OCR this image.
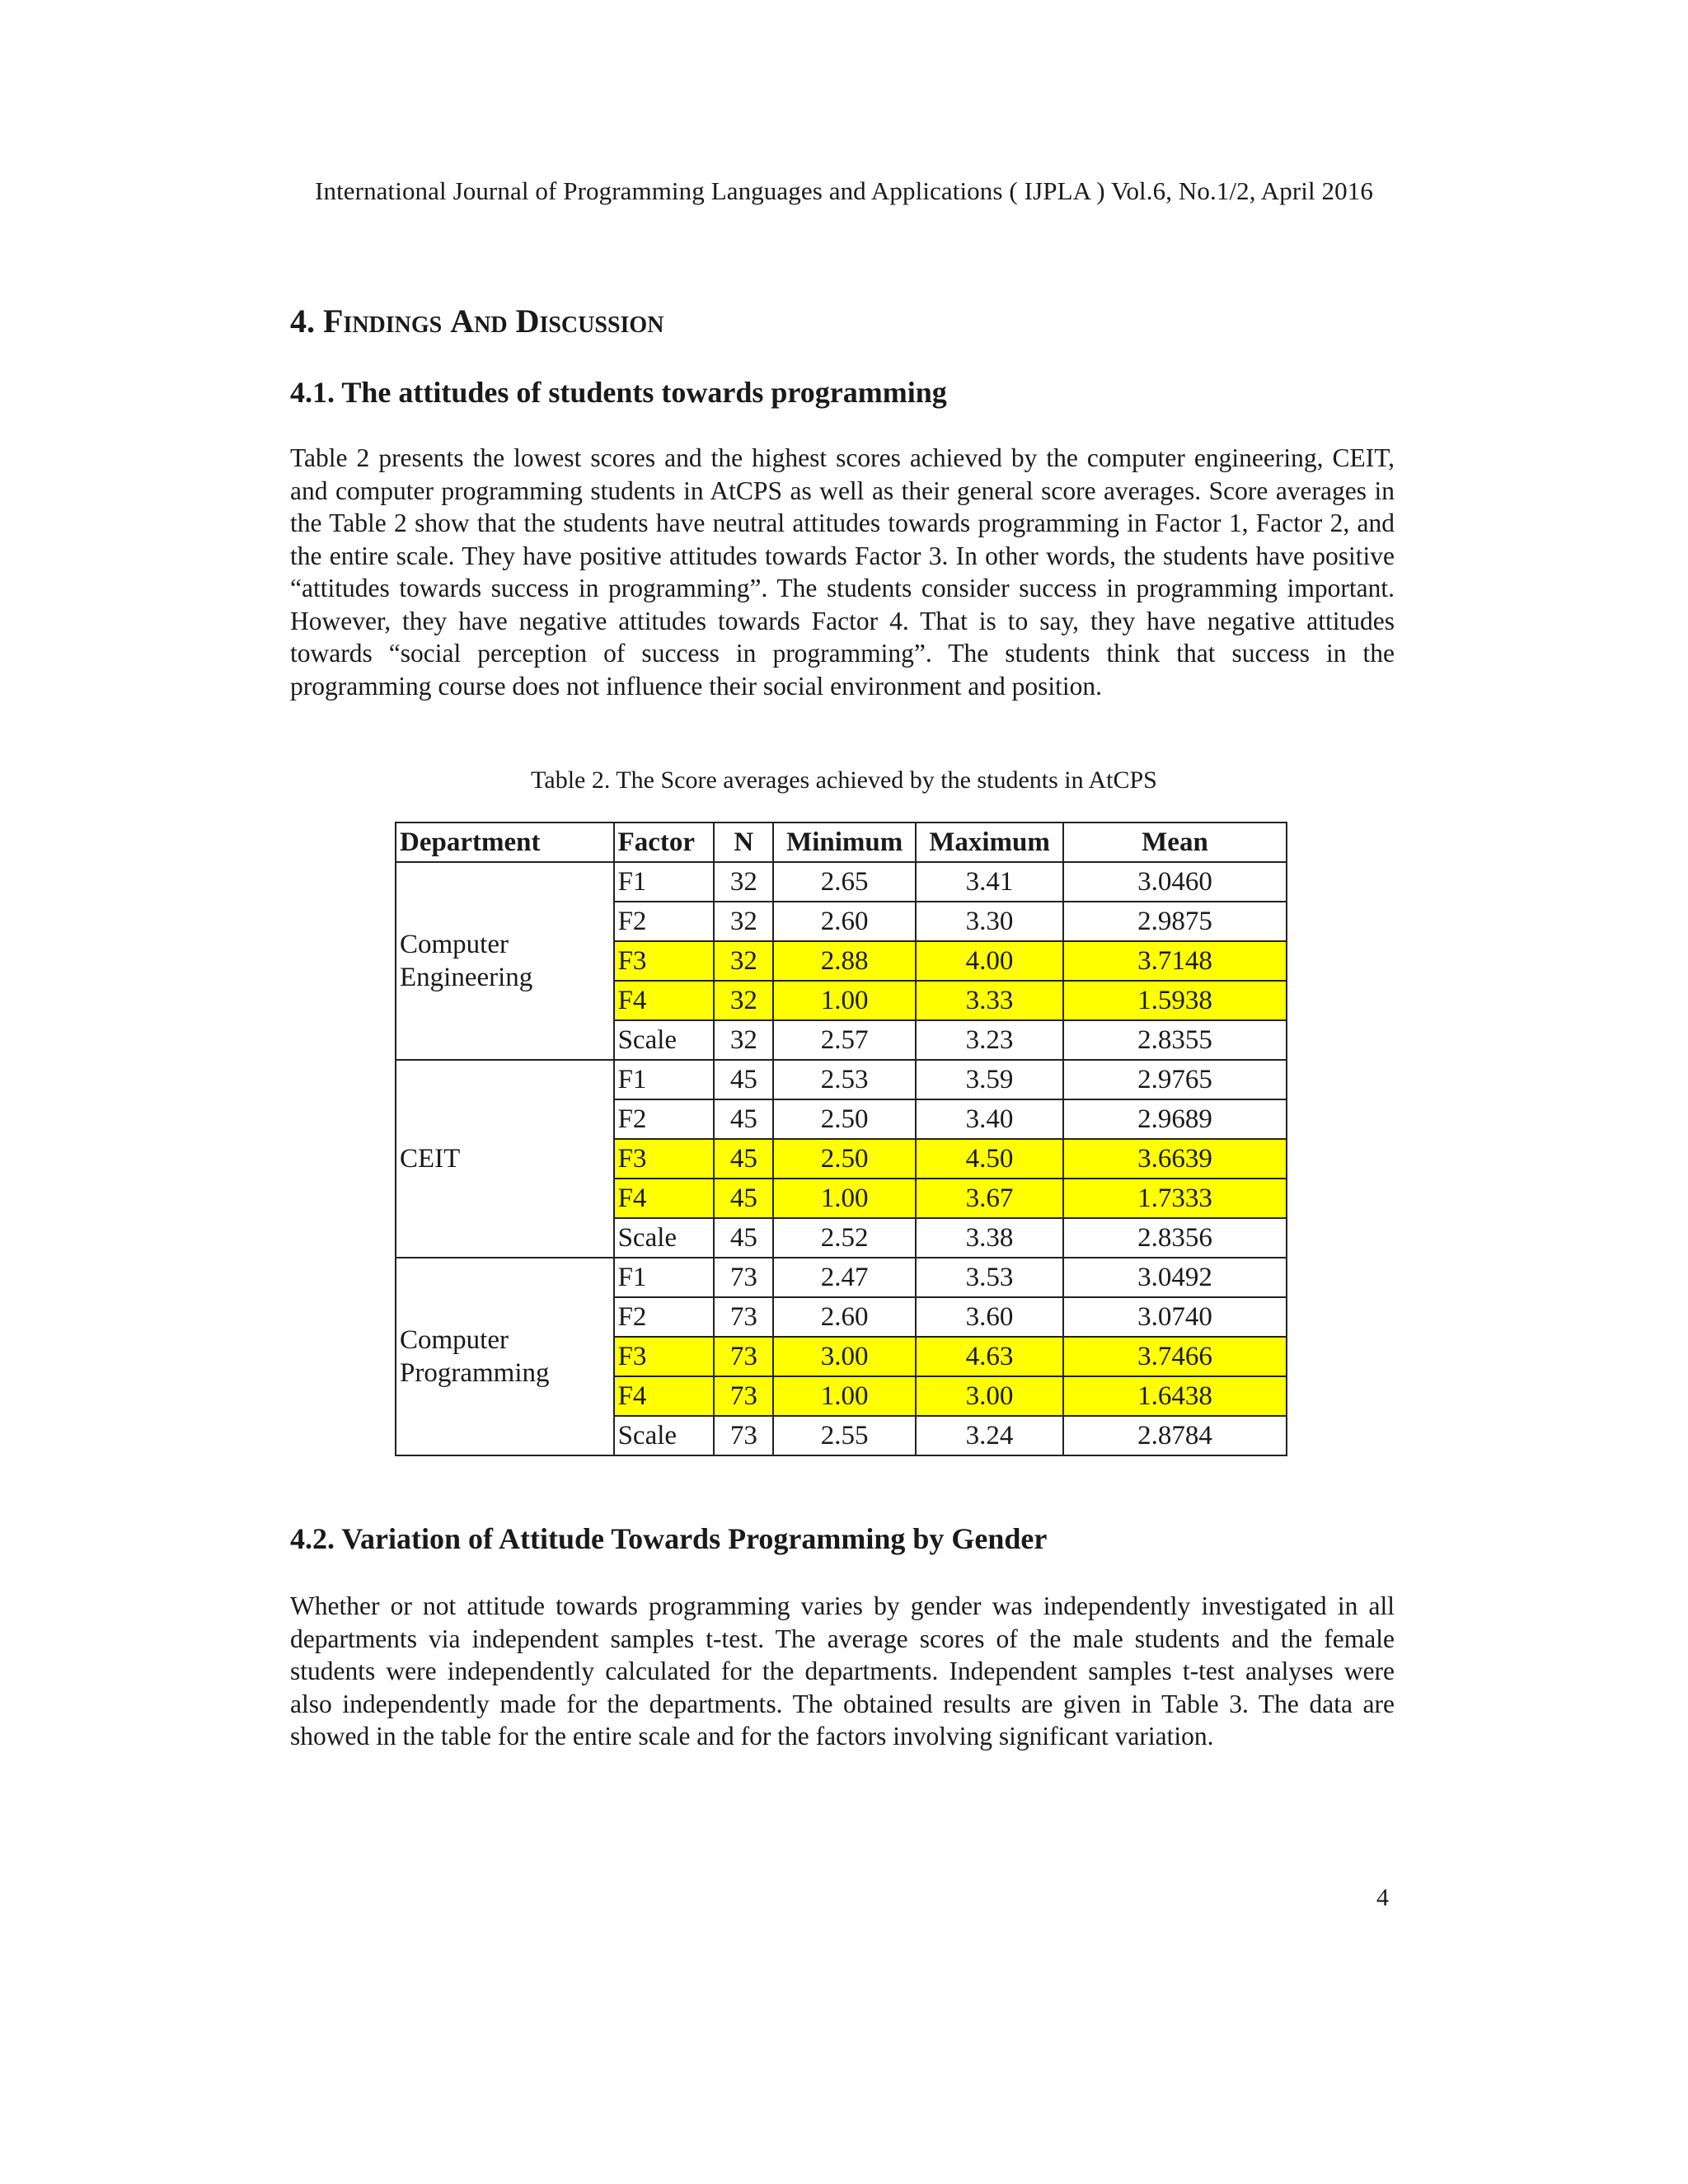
International Journal of Programming Languages and Applications ( IJPLA ) Vol.6, No.1/2, April 2016
4. Findings And Discussion
4.1. The attitudes of students towards programming

Table 2 presents the lowest scores and the highest scores achieved by the computer engineering, CEIT, and computer programming students in AtCPS as well as their general score averages. Score averages in the Table 2 show that the students have neutral attitudes towards programming in Factor 1, Factor 2, and the entire scale. They have positive attitudes towards Factor 3. In other words, the students have positive “attitudes towards success in programming”. The students consider success in programming important. However, they have negative attitudes towards Factor 4. That is to say, they have negative attitudes towards “social perception of success in programming”. The students think that success in the programming course does not influence their social environment and position.

Table 2. The Score averages achieved by the students in AtCPS
Department	Factor	N	Minimum	Maximum	Mean

Computer
Engineering	F1	32	2.65	3.41	3.0460
	F2	32	2.60	3.30	2.9875
	F3	32	2.88	4.00	3.7148
	F4	32	1.00	3.33	1.5938
	Scale	32	2.57	3.23	2.8355

CEIT	F1	45	2.53	3.59	2.9765
	F2	45	2.50	3.40	2.9689
	F3	45	2.50	4.50	3.6639
	F4	45	1.00	3.67	1.7333
	Scale	45	2.52	3.38	2.8356

Computer
Programming	F1	73	2.47	3.53	3.0492
	F2	73	2.60	3.60	3.0740
	F3	73	3.00	4.63	3.7466
	F4	73	1.00	3.00	1.6438
	Scale	73	2.55	3.24	2.8784
4.2. Variation of Attitude Towards Programming by Gender

Whether or not attitude towards programming varies by gender was independently investigated in all departments via independent samples t-test. The average scores of the male students and the female students were independently calculated for the departments. Independent samples t-test analyses were also independently made for the departments. The obtained results are given in Table 3. The data are showed in the table for the entire scale and for the factors involving significant variation.

4
